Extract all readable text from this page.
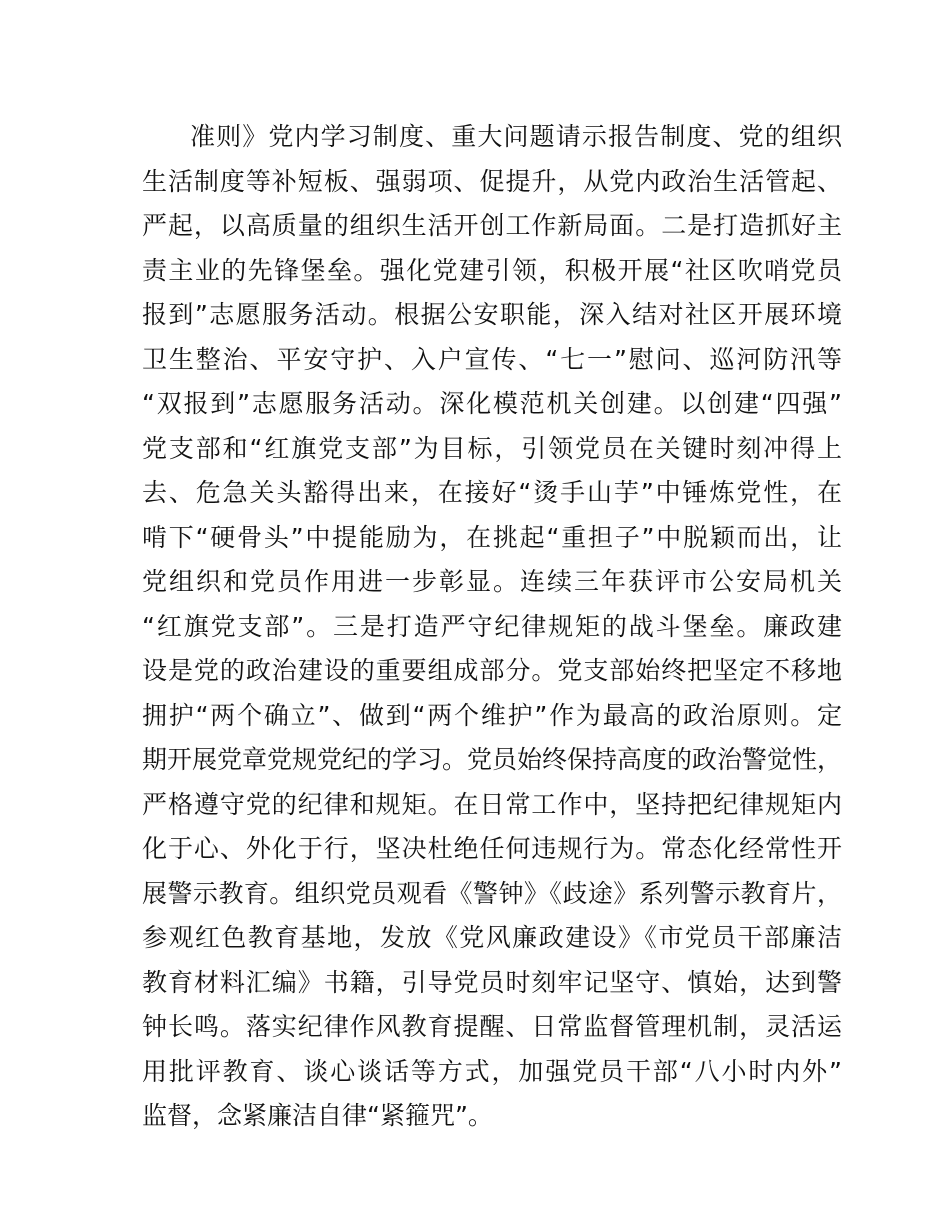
准则》党内学习制度、重大问题请示报告制度、党的组织
生活制度等补短板、强弱项、促提升，从党内政治生活管起、
严起，以高质量的组织生活开创工作新局面。二是打造抓好主
责主业的先锋堡垒。强化党建引领，积极开展“社区吹哨党员
报到”志愿服务活动。根据公安职能，深入结对社区开展环境
卫生整治、平安守护、入户宣传、“七一”慰问、巡河防汛等
“双报到”志愿服务活动。深化模范机关创建。以创建“四强”
党支部和“红旗党支部”为目标，引领党员在关键时刻冲得上
去、危急关头豁得出来，在接好“烫手山芋”中锤炼党性，在
啃下“硬骨头”中提能励为，在挑起“重担子”中脱颖而出，让
党组织和党员作用进一步彰显。连续三年获评市公安局机关
“红旗党支部”。三是打造严守纪律规矩的战斗堡垒。廉政建
设是党的政治建设的重要组成部分。党支部始终把坚定不移地
拥护“两个确立”、做到“两个维护”作为最高的政治原则。定
期开展党章党规党纪的学习。党员始终保持高度的政治警觉性，
严格遵守党的纪律和规矩。在日常工作中，坚持把纪律规矩内
化于心、外化于行，坚决杜绝任何违规行为。常态化经常性开
展警示教育。组织党员观看《警钟》《歧途》系列警示教育片，
参观红色教育基地，发放《党风廉政建设》《市党员干部廉洁
教育材料汇编》书籍，引导党员时刻牢记坚守、慎始，达到警
钟长鸣。落实纪律作风教育提醒、日常监督管理机制，灵活运
用批评教育、谈心谈话等方式，加强党员干部“八小时内外”
监督，念紧廉洁自律“紧箍咒”。
